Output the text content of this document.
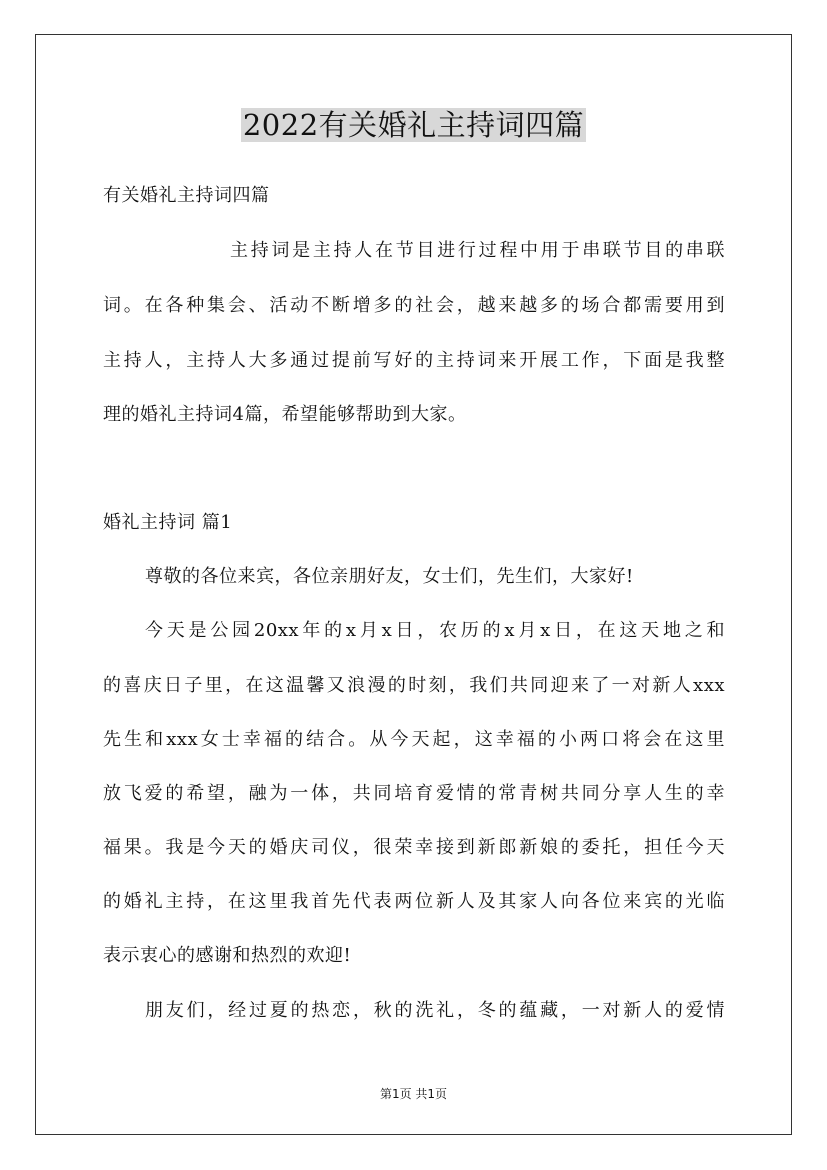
2022有关婚礼主持词四篇
有关婚礼主持词四篇
主持词是主持人在节目进行过程中用于串联节目的串联
词。在各种集会、活动不断增多的社会，越来越多的场合都需要用到
主持人，主持人大多通过提前写好的主持词来开展工作，下面是我整
理的婚礼主持词4篇，希望能够帮助到大家。
婚礼主持词 篇1
尊敬的各位来宾，各位亲朋好友，女士们，先生们，大家好!
今天是公园20xx年的x月x日，农历的x月x日，在这天地之和
的喜庆日子里，在这温馨又浪漫的时刻，我们共同迎来了一对新人xxx
先生和xxx女士幸福的结合。从今天起，这幸福的小两口将会在这里
放飞爱的希望，融为一体，共同培育爱情的常青树共同分享人生的幸
福果。我是今天的婚庆司仪，很荣幸接到新郎新娘的委托，担任今天
的婚礼主持，在这里我首先代表两位新人及其家人向各位来宾的光临
表示衷心的感谢和热烈的欢迎!
朋友们，经过夏的热恋，秋的洗礼，冬的蕴藏，一对新人的爱情
第1页 共1页
